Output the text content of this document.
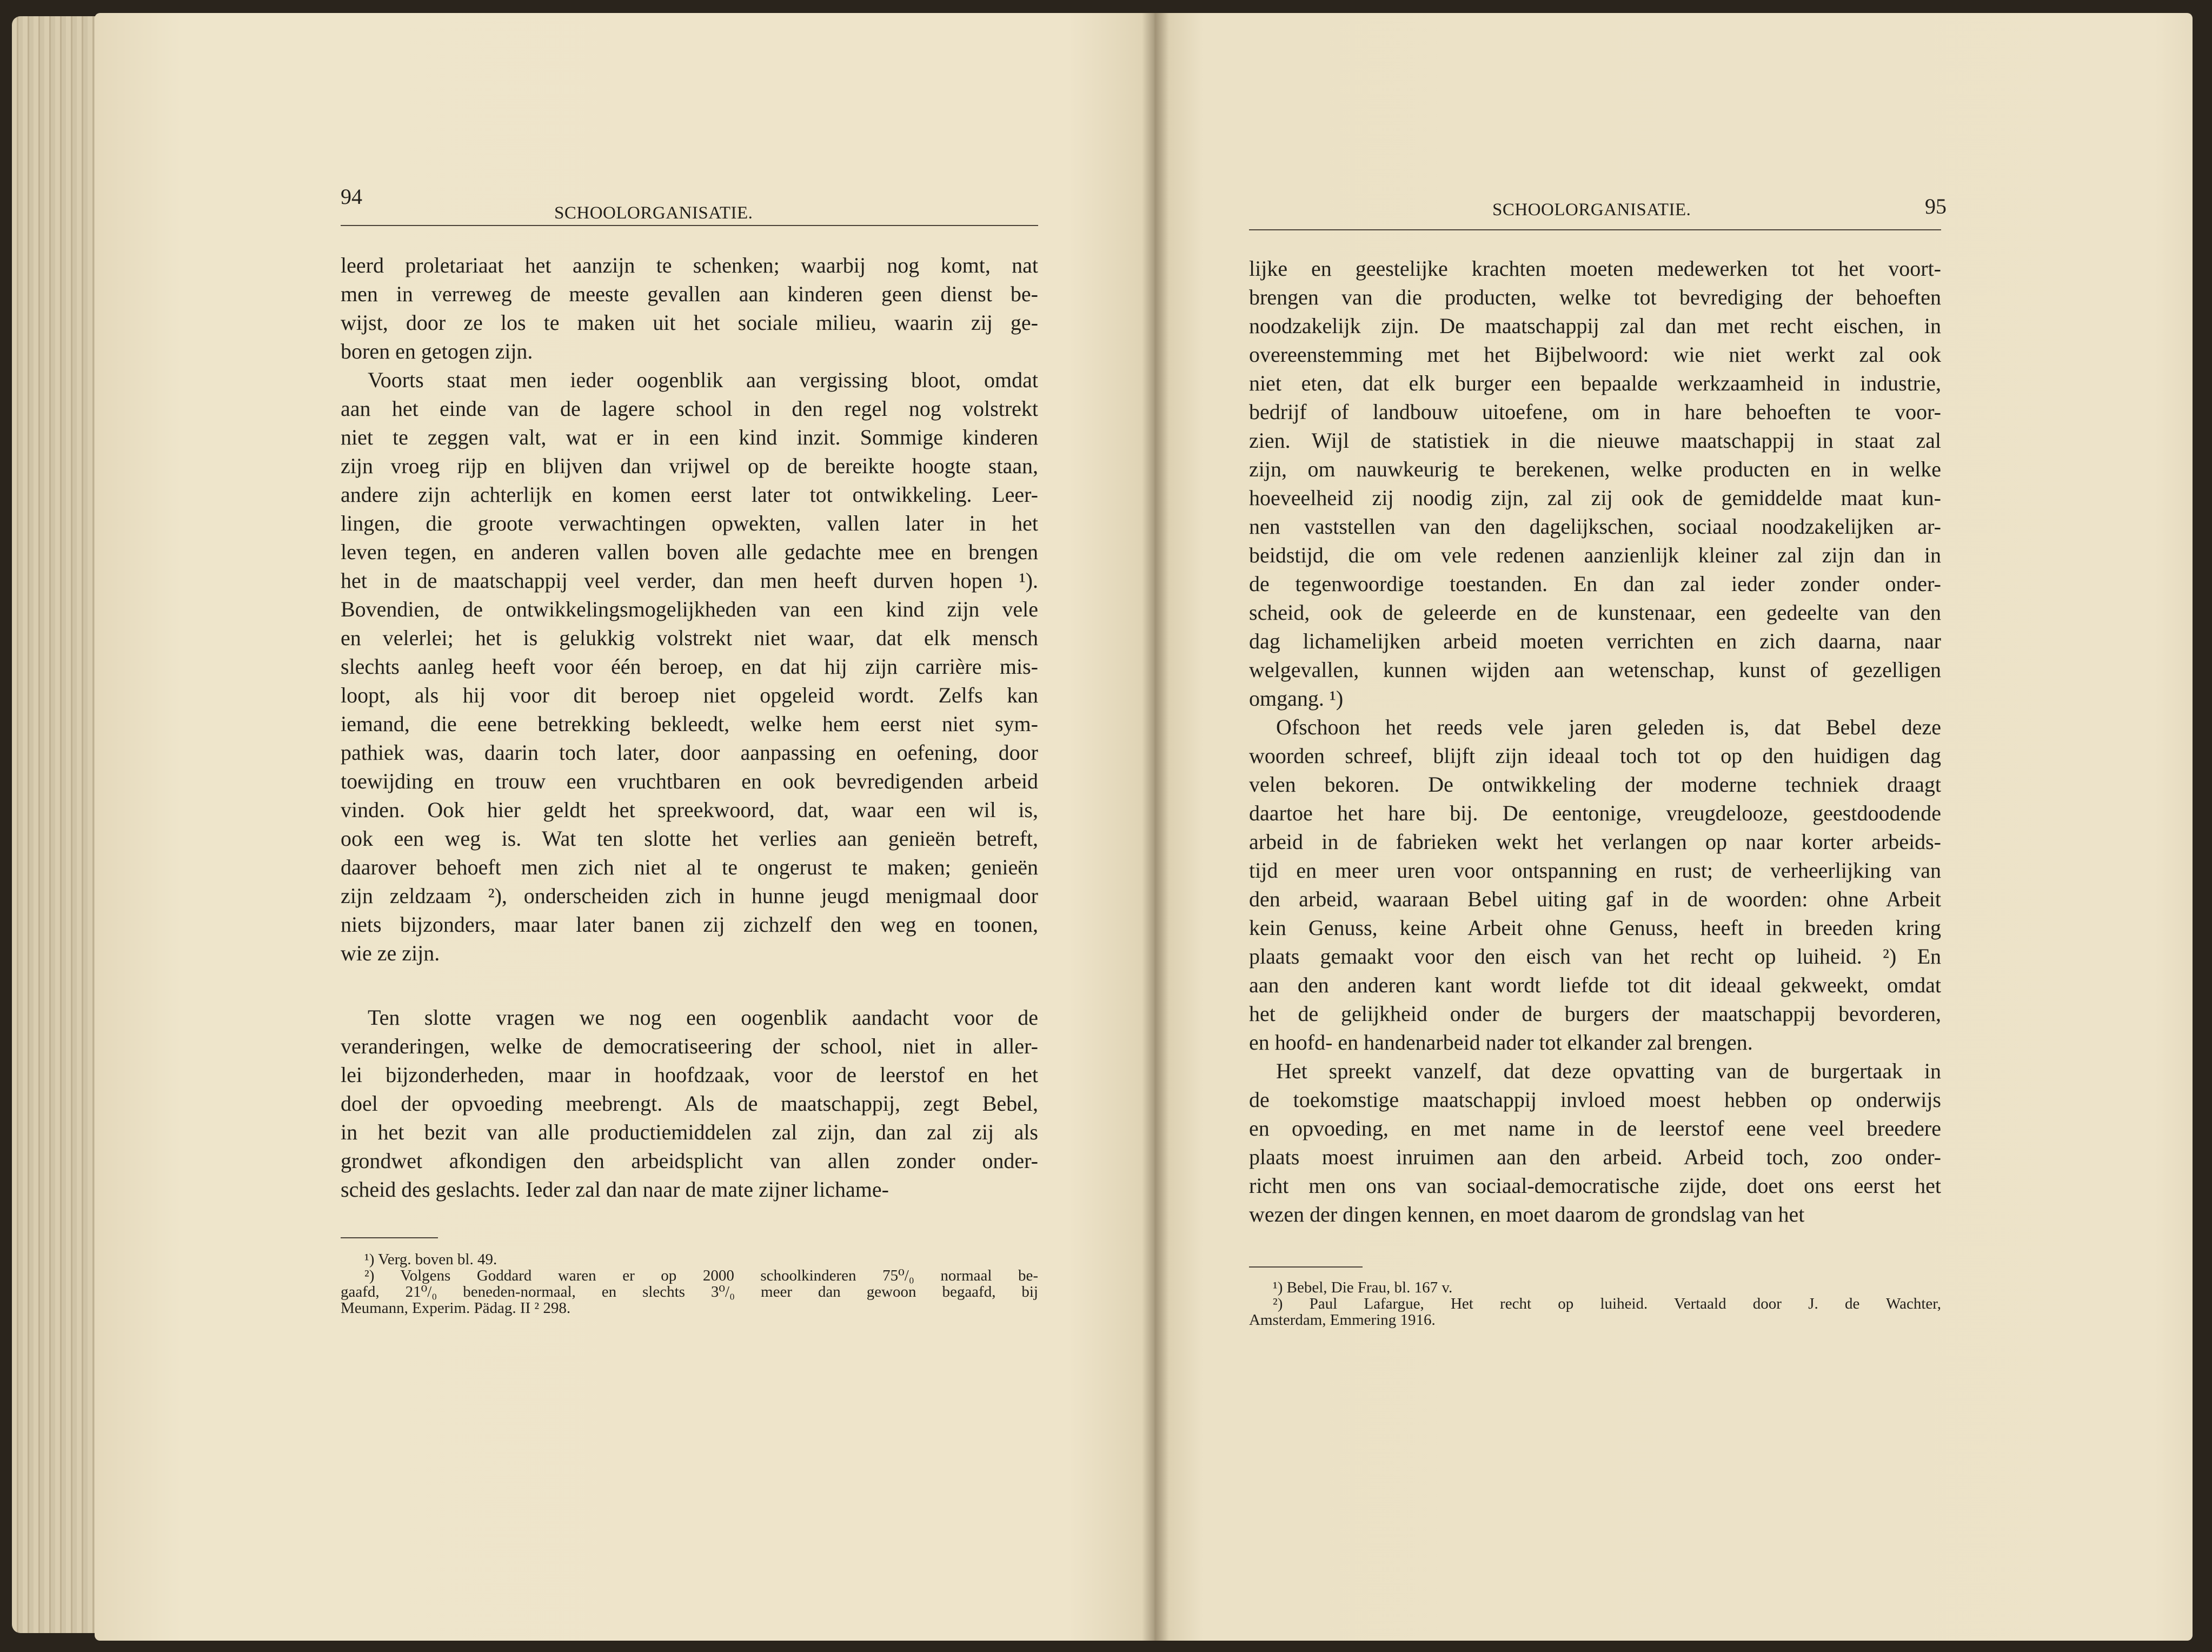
94
SCHOOLORGANISATIE.
leerd proletariaat het aanzijn te schenken; waarbij nog komt, nat
men in verreweg de meeste gevallen aan kinderen geen dienst be-
wijst, door ze los te maken uit het sociale milieu, waarin zij ge-
boren en getogen zijn.
Voorts staat men ieder oogenblik aan vergissing bloot, omdat
aan het einde van de lagere school in den regel nog volstrekt
niet te zeggen valt, wat er in een kind inzit. Sommige kinderen
zijn vroeg rijp en blijven dan vrijwel op de bereikte hoogte staan,
andere zijn achterlijk en komen eerst later tot ontwikkeling. Leer-
lingen, die groote verwachtingen opwekten, vallen later in het
leven tegen, en anderen vallen boven alle gedachte mee en brengen
het in de maatschappij veel verder, dan men heeft durven hopen ¹).
Bovendien, de ontwikkelingsmogelijkheden van een kind zijn vele
en velerlei; het is gelukkig volstrekt niet waar, dat elk mensch
slechts aanleg heeft voor één beroep, en dat hij zijn carrière mis-
loopt, als hij voor dit beroep niet opgeleid wordt. Zelfs kan
iemand, die eene betrekking bekleedt, welke hem eerst niet sym-
pathiek was, daarin toch later, door aanpassing en oefening, door
toewijding en trouw een vruchtbaren en ook bevredigenden arbeid
vinden. Ook hier geldt het spreekwoord, dat, waar een wil is,
ook een weg is. Wat ten slotte het verlies aan genieën betreft,
daarover behoeft men zich niet al te ongerust te maken; genieën
zijn zeldzaam ²), onderscheiden zich in hunne jeugd menigmaal door
niets bijzonders, maar later banen zij zichzelf den weg en toonen,
wie ze zijn.
Ten slotte vragen we nog een oogenblik aandacht voor de
veranderingen, welke de democratiseering der school, niet in aller-
lei bijzonderheden, maar in hoofdzaak, voor de leerstof en het
doel der opvoeding meebrengt. Als de maatschappij, zegt Bebel,
in het bezit van alle productiemiddelen zal zijn, dan zal zij als
grondwet afkondigen den arbeidsplicht van allen zonder onder-
scheid des geslachts. Ieder zal dan naar de mate zijner lichame-
¹) Verg. boven bl. 49.
²) Volgens Goddard waren er op 2000 schoolkinderen 75⁰/₀ normaal be-
gaafd, 21⁰/₀ beneden-normaal, en slechts 3⁰/₀ meer dan gewoon begaafd, bij
Meumann, Experim. Pädag. II ² 298.
SCHOOLORGANISATIE.	95
lijke en geestelijke krachten moeten medewerken tot het voort-
brengen van die producten, welke tot bevrediging der behoeften
noodzakelijk zijn. De maatschappij zal dan met recht eischen, in
overeenstemming met het Bijbelwoord: wie niet werkt zal ook
niet eten, dat elk burger een bepaalde werkzaamheid in industrie,
bedrijf of landbouw uitoefene, om in hare behoeften te voor-
zien. Wijl de statistiek in die nieuwe maatschappij in staat zal
zijn, om nauwkeurig te berekenen, welke producten en in welke
hoeveelheid zij noodig zijn, zal zij ook de gemiddelde maat kun-
nen vaststellen van den dagelijkschen, sociaal noodzakelijken ar-
beidstijd, die om vele redenen aanzienlijk kleiner zal zijn dan in
de tegenwoordige toestanden. En dan zal ieder zonder onder-
scheid, ook de geleerde en de kunstenaar, een gedeelte van den
dag lichamelijken arbeid moeten verrichten en zich daarna, naar
welgevallen, kunnen wijden aan wetenschap, kunst of gezelligen
omgang. ¹)
Ofschoon het reeds vele jaren geleden is, dat Bebel deze
woorden schreef, blijft zijn ideaal toch tot op den huidigen dag
velen bekoren. De ontwikkeling der moderne techniek draagt
daartoe het hare bij. De eentonige, vreugdelooze, geestdoodende
arbeid in de fabrieken wekt het verlangen op naar korter arbeids-
tijd en meer uren voor ontspanning en rust; de verheerlijking van
den arbeid, waaraan Bebel uiting gaf in de woorden: ohne Arbeit
kein Genuss, keine Arbeit ohne Genuss, heeft in breeden kring
plaats gemaakt voor den eisch van het recht op luiheid. ²) En
aan den anderen kant wordt liefde tot dit ideaal gekweekt, omdat
het de gelijkheid onder de burgers der maatschappij bevorderen,
en hoofd- en handenarbeid nader tot elkander zal brengen.
Het spreekt vanzelf, dat deze opvatting van de burgertaak in
de toekomstige maatschappij invloed moest hebben op onderwijs
en opvoeding, en met name in de leerstof eene veel breedere
plaats moest inruimen aan den arbeid. Arbeid toch, zoo onder-
richt men ons van sociaal-democratische zijde, doet ons eerst het
wezen der dingen kennen, en moet daarom de grondslag van het
¹) Bebel, Die Frau, bl. 167 v.
²) Paul Lafargue, Het recht op luiheid. Vertaald door J. de Wachter,
Amsterdam, Emmering 1916.
